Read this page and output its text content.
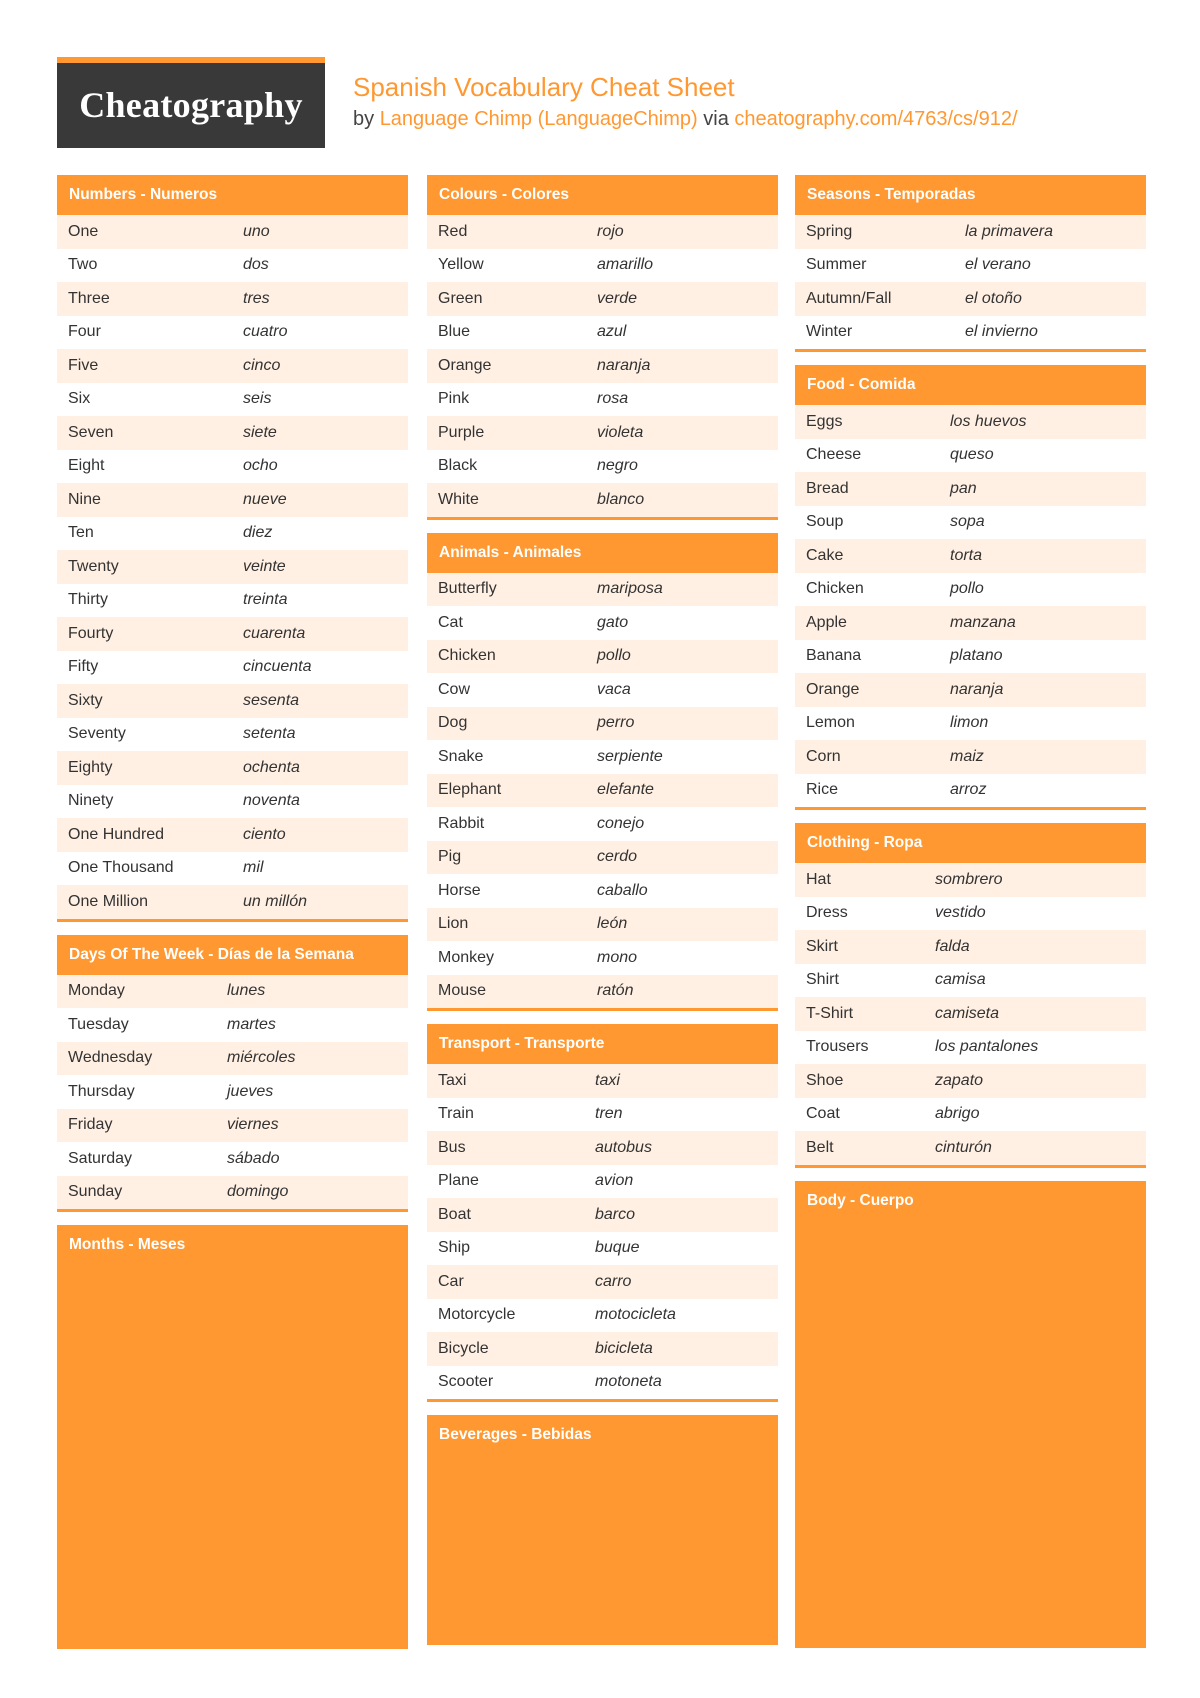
Cheatography Spanish Vocabulary Cheat Sheet
by Language Chimp (LanguageChimp) via cheatography.com/4763/cs/912/
Numbers - Numeros
One	uno
Two	dos
Three	tres
Four	cuatro
Five	cinco
Six	seis
Seven	siete
Eight	ocho
Nine	nueve
Ten	diez
Twenty	veinte
Thirty	treinta
Fourty	cuarenta
Fifty	cincuenta
Sixty	sesenta
Seventy	setenta
Eighty	ochenta
Ninety	noventa
One Hundred	ciento
One Thousand	mil
One Million	un millón
Days Of The Week - Días de la Semana
Monday	lunes
Tuesday	martes
Wednesday	miércoles
Thursday	jueves
Friday	viernes
Saturday	sábado
Sunday	domingo
Months - Meses
Colours - Colores
Red	rojo
Yellow	amarillo
Green	verde
Blue	azul
Orange	naranja
Pink	rosa
Purple	violeta
Black	negro
White	blanco
Animals - Animales
Butterfly	mariposa
Cat	gato
Chicken	pollo
Cow	vaca
Dog	perro
Snake	serpiente
Elephant	elefante
Rabbit	conejo
Pig	cerdo
Horse	caballo
Lion	león
Monkey	mono
Mouse	ratón
Transport - Transporte
Taxi	taxi
Train	tren
Bus	autobus
Plane	avion
Boat	barco
Ship	buque
Car	carro
Motorcycle	motocicleta
Bicycle	bicicleta
Scooter	motoneta
Beverages - Bebidas
Seasons - Temporadas
Spring	la primavera
Summer	el verano
Autumn/Fall	el otoño
Winter	el invierno
Food - Comida
Eggs	los huevos
Cheese	queso
Bread	pan
Soup	sopa
Cake	torta
Chicken	pollo
Apple	manzana
Banana	platano
Orange	naranja
Lemon	limon
Corn	maiz
Rice	arroz
Clothing - Ropa
Hat	sombrero
Dress	vestido
Skirt	falda
Shirt	camisa
T-Shirt	camiseta
Trousers	los pantalones
Shoe	zapato
Coat	abrigo
Belt	cinturón
Body - Cuerpo
